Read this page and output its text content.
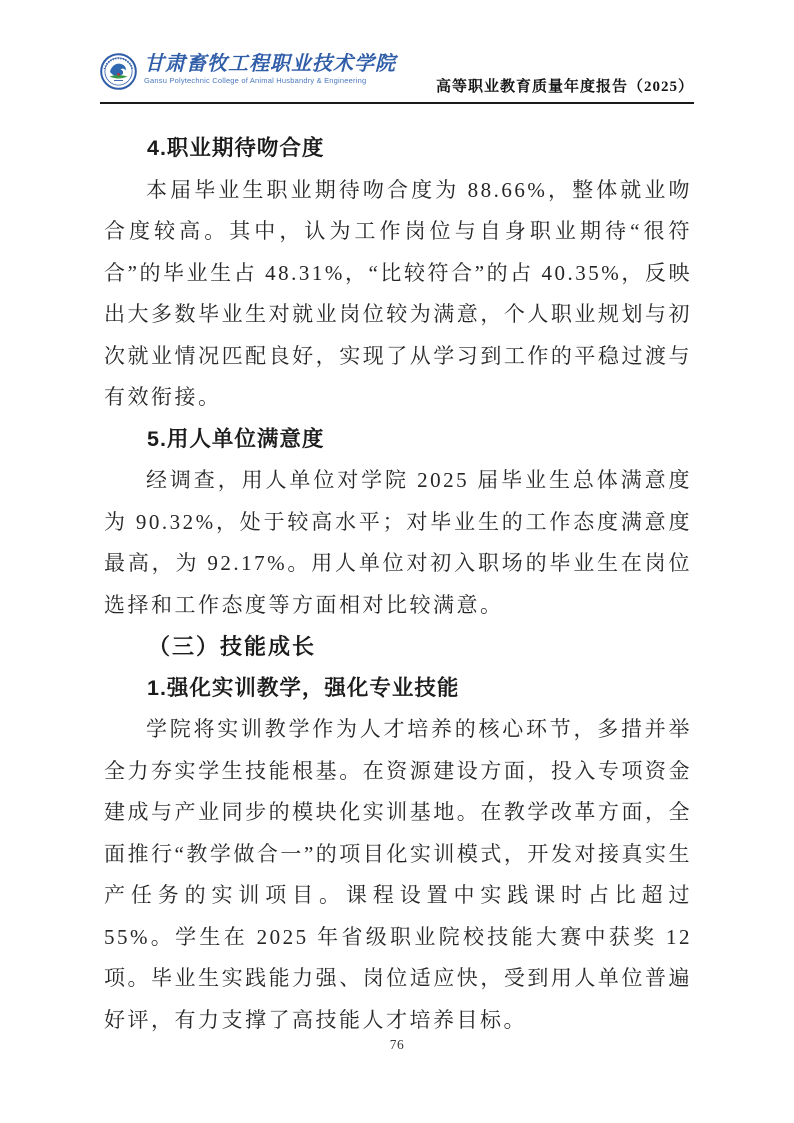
甘肃畜牧工程职业技术学院
Gansu Polytechnic College of Animal Husbandry & Engineering	高等职业教育质量年度报告（2025）
4.职业期待吻合度

本届毕业生职业期待吻合度为 88.66%，整体就业吻合度较高。其中，认为工作岗位与自身职业期待“很符合”的毕业生占 48.31%，“比较符合”的占 40.35%，反映出大多数毕业生对就业岗位较为满意，个人职业规划与初次就业情况匹配良好，实现了从学习到工作的平稳过渡与有效衔接。

5.用人单位满意度

经调查，用人单位对学院 2025 届毕业生总体满意度为 90.32%，处于较高水平；对毕业生的工作态度满意度最高，为 92.17%。用人单位对初入职场的毕业生在岗位选择和工作态度等方面相对比较满意。

（三）技能成长
1.强化实训教学，强化专业技能

学院将实训教学作为人才培养的核心环节，多措并举全力夯实学生技能根基。在资源建设方面，投入专项资金建成与产业同步的模块化实训基地。在教学改革方面，全面推行“教学做合一”的项目化实训模式，开发对接真实生产任务的实训项目。课程设置中实践课时占比超过 55%。学生在 2025 年省级职业院校技能大赛中获奖 12 项。毕业生实践能力强、岗位适应快，受到用人单位普遍好评，有力支撑了高技能人才培养目标。

76
